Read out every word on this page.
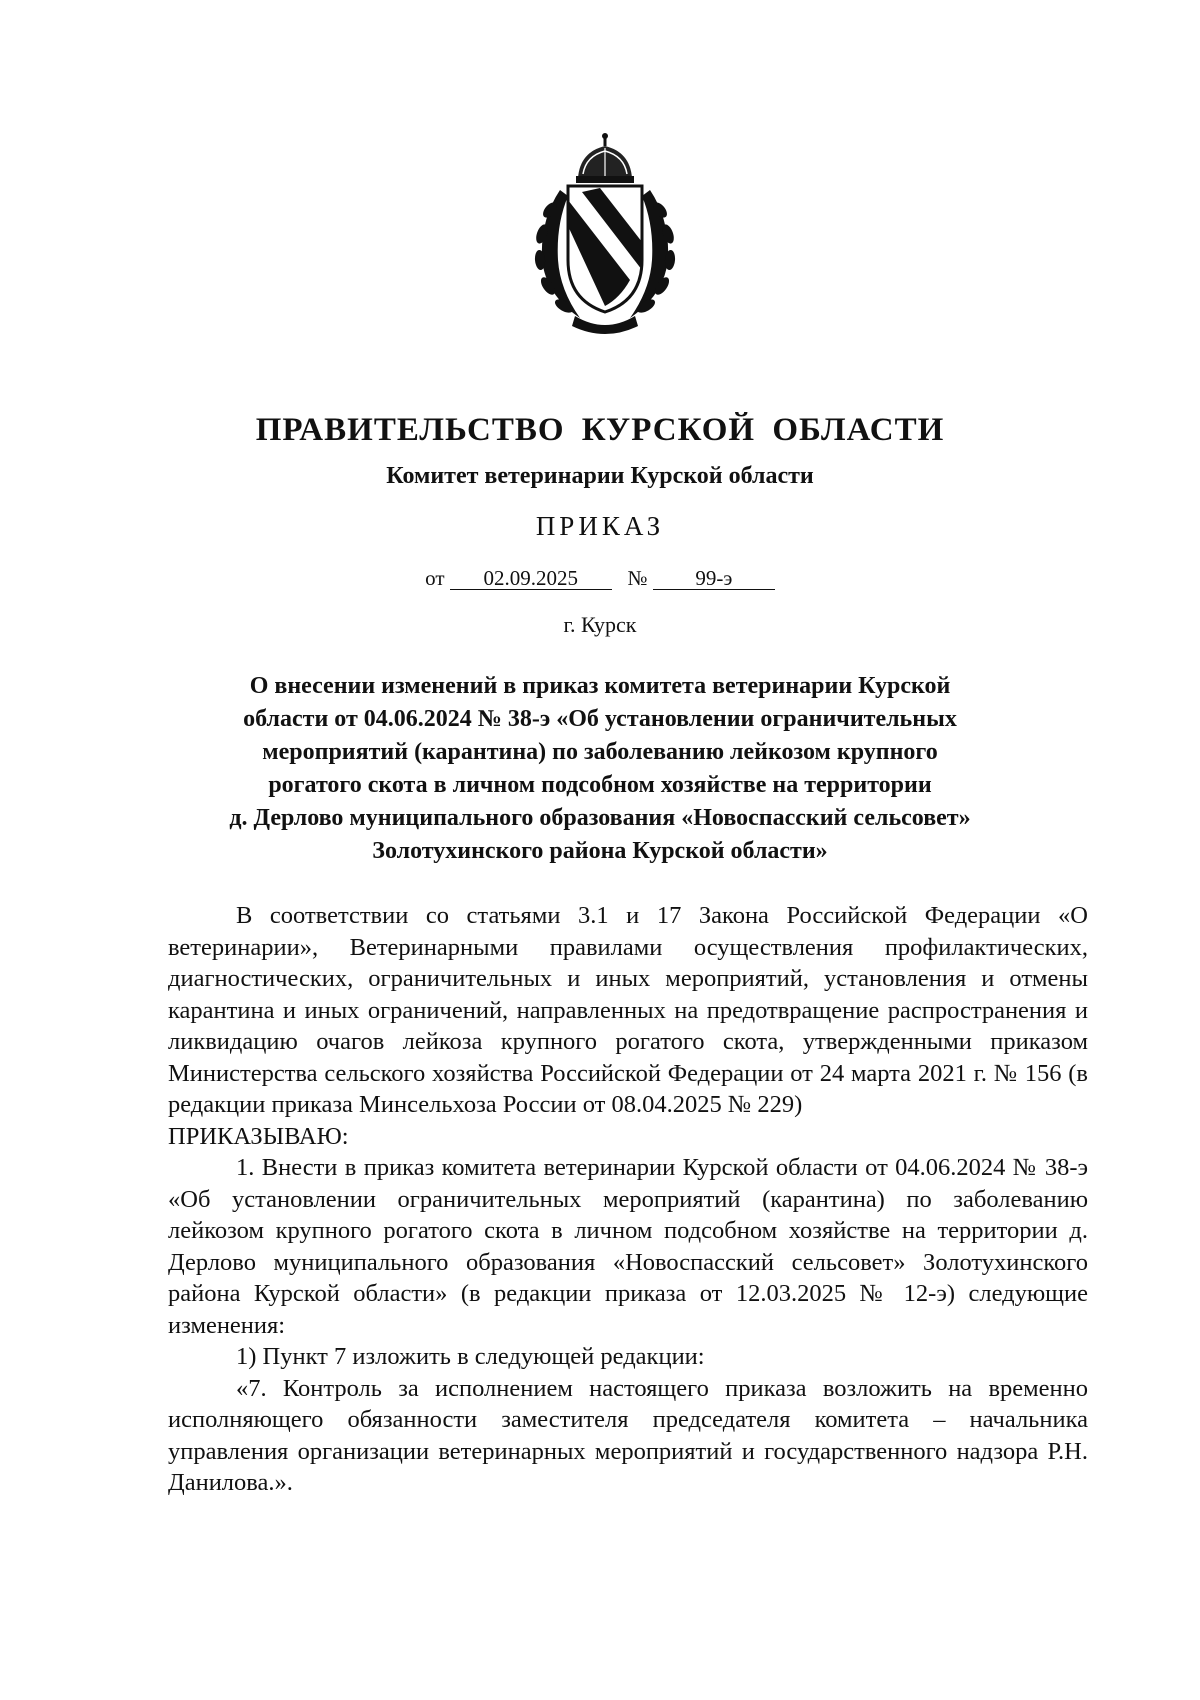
ПРАВИТЕЛЬСТВО КУРСКОЙ ОБЛАСТИ
Комитет ветеринарии Курской области
ПРИКАЗ
от 02.09.2025 № 99-э
г. Курск
О внесении изменений в приказ комитета ветеринарии Курской
области от 04.06.2024 № 38-э «Об установлении ограничительных
мероприятий (карантина) по заболеванию лейкозом крупного
рогатого скота в личном подсобном хозяйстве на территории
д. Дерлово муниципального образования «Новоспасский сельсовет»
Золотухинского района Курской области»

В соответствии со статьями 3.1 и 17 Закона Российской Федерации «О ветеринарии», Ветеринарными правилами осуществления профилактических, диагностических, ограничительных и иных мероприятий, установления и отмены карантина и иных ограничений, направленных на предотвращение распространения и ликвидацию очагов лейкоза крупного рогатого скота, утвержденными приказом Министерства сельского хозяйства Российской Федерации от 24 марта 2021 г. № 156 (в редакции приказа Минсельхоза России от 08.04.2025 № 229)

ПРИКАЗЫВАЮ:

1. Внести в приказ комитета ветеринарии Курской области от 04.06.2024 № 38-э «Об установлении ограничительных мероприятий (карантина) по заболеванию лейкозом крупного рогатого скота в личном подсобном хозяйстве на территории д. Дерлово муниципального образования «Новоспасский сельсовет» Золотухинского района Курской области» (в редакции приказа от 12.03.2025 № 12-э) следующие изменения:

1) Пункт 7 изложить в следующей редакции:

«7. Контроль за исполнением настоящего приказа возложить на временно исполняющего обязанности заместителя председателя комитета – начальника управления организации ветеринарных мероприятий и государственного надзора Р.Н. Данилова.».
